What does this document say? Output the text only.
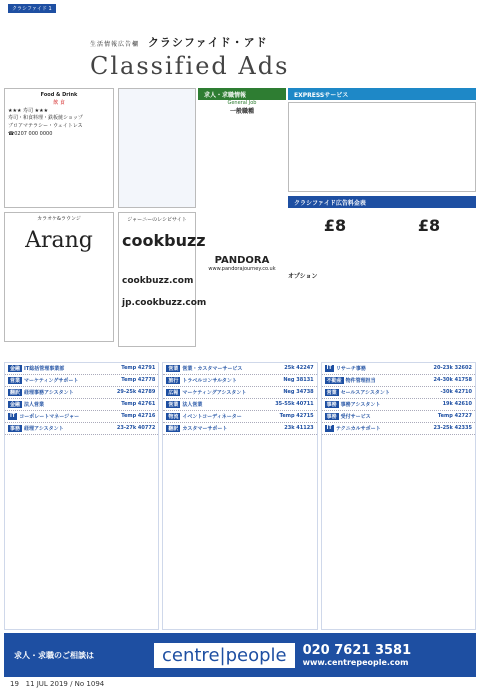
クラシファイド 1
生活情報広告欄 クラシファイド・アド
Classified Ads
Food & Drink
飲 食
★★★ 寿司 ★★★
寿司・和食料理・鉄板焼ショップ
ブロアマテラシー・ウェイトレス
☎0207 000 0000
カラオケ&ラウンジ
Arang
ジャーニーのレシピサイト
cookbuzz
cookbuzz.com
jp.cookbuzz.com
求人・求職情報
General Job
一般職種
PANDORA
www.pandorajourney.co.uk
EXPRESSサービス
クラシファイド広告料金表
£8	£8
オプション
金融 IT総括管理事業部	Temp 42791
営業 マーケティングサポート	Temp 42778
翻訳 経理事務アシスタント	29-25k 42789
金融 法人営業	Temp 42761
IT コーポレートマネージャー	Temp 42716
事務 経理アシスタント	23-27k 40772
営業 営業・カスタマーサービス	25k 42247
旅行 トラベルコンサルタント	Neg 38131
広報 マーケティングアシスタント	Neg 34738
営業 法人営業	35-55k 40711
物流 イベントコーディネーター	Temp 42715
翻訳 カスタマーサポート	23k 41123
IT リサーチ事務	20-23k 32602
不動産 物件管理担当	24-30k 41758
営業 セールスアシスタント	-30k 42710
事務 事務アシスタント	19k 42610
事務 受付サービス	Temp 42727
IT テクニカルサポート	23-25k 42335
求人・求職のご相談は	centre|people	020 7621 3581
www.centrepeople.com
19 11 JUL 2019 / No 1094
